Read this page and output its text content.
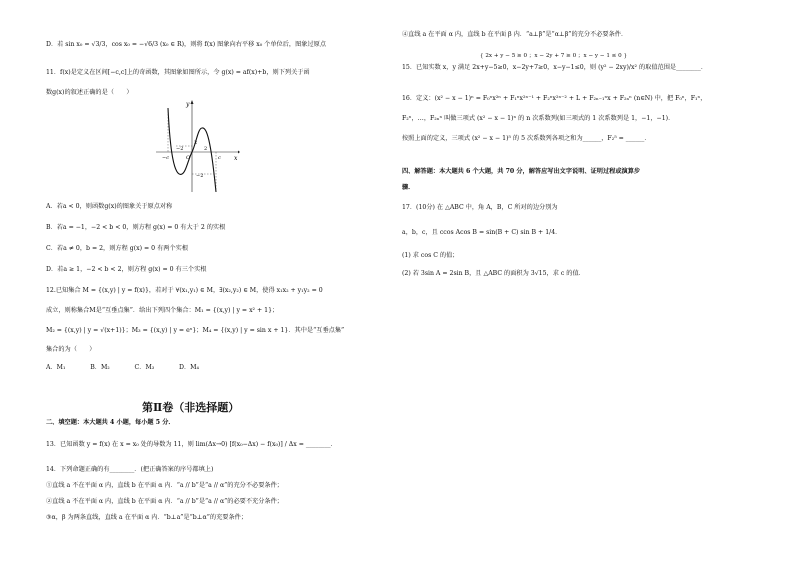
D．若 sin x₀ = √3/3，cos x₀ = −√6/3 (x₀ ∈ R)，则将 f(x) 图象向右平移 x₀ 个单位后，图象过原点
11．f(x)是定义在区间[−c,c]上的奇函数，其图象如图所示，令 g(x) = af(x)+b，则下列关于函
数g(x)的叙述正确的是（　　）
y
x
2
−2
O
−c	c
−2	2
A．若a < 0，则函数g(x)的图象关于原点对称
B．若a = −1，−2 < b < 0，则方程 g(x) = 0 有大于 2 的实根
C．若a ≠ 0，b = 2，则方程 g(x) = 0 有两个实根
D．若a ≥ 1，−2 < b < 2，则方程 g(x) = 0 有三个实根
12.已知集合 M = {(x,y) | y = f(x)}，若对于 ∀(x₁,y₁) ∈ M，∃(x₂,y₂) ∈ M，使得 x₁x₂ + y₁y₂ = 0
成立，则称集合M是“互垂点集”．给出下列四个集合：M₁ = {(x,y) | y = x² + 1}；
M₂ = {(x,y) | y = √(x+1)}；M₃ = {(x,y) | y = eˣ}；M₄ = {(x,y) | y = sin x + 1}．其中是“互垂点集”
集合的为（　　）
A．M₁　　　　B．M₂　　　　C．M₃　　　　D．M₄
第Ⅱ卷（非选择题）
二、填空题：本大题共 4 小题，每小题 5 分．
13．已知函数 y = f(x) 在 x = x₀ 处的导数为 11，则 lim(Δx→0) [f(x₀−Δx) − f(x₀)] / Δx = ________．
14．下列命题正确的有________．(把正确答案的序号都填上)
①直线 a 不在平面 α 内，直线 b 在平面 α 内．“a // b”是“a // α”的充分不必要条件；
②直线 a 不在平面 α 内，直线 b 在平面 α 内．“a // b”是“a // α”的必要不充分条件；
③α，β 为两条直线，直线 a 在平面 α 内．“b⊥a”是“b⊥α”的充要条件；
④直线 a 在平面 α 内，直线 b 在平面 β 内．“a⊥β”是“α⊥β”的充分不必要条件．
{ 2x + y − 5 ≥ 0 ；x − 2y + 7 ≥ 0 ；x − y − 1 ≤ 0 }
15．已知实数 x，y 满足 2x+y−5≥0，x−2y+7≥0，x−y−1≤0，则 (y² − 2xy)/x² 的取值范围是________．
16．定义：(x² − x − 1)ⁿ = F₀ⁿx²ⁿ + F₁ⁿx²ⁿ⁻¹ + F₂ⁿx²ⁿ⁻² + L + F₂ₙ₋₁ⁿx + F₂ₙⁿ (n∈N) 中，把 F₀ⁿ，F₁ⁿ，
F₂ⁿ，…，F₂ₙⁿ 叫做三项式 (x² − x − 1)ⁿ 的 n 次系数列(如三项式的 1 次系数列是 1，−1，−1)．
按照上面的定义，三项式 (x² − x − 1)⁵ 的 5 次系数列各项之和为______，F₂⁵ = ______．
四、解答题：本大题共 6 个大题，共 70 分，解答应写出文字说明、证明过程或演算步
骤．
17．(10分) 在 △ABC 中，角 A，B，C 所对的边分别为
a，b，c，且 ccos Acos B = sin(B + C) sin B + 1/4．
(1) 求 cos C 的值；
(2) 若 3sin A = 2sin B，且 △ABC 的面积为 3√15，求 c 的值．
